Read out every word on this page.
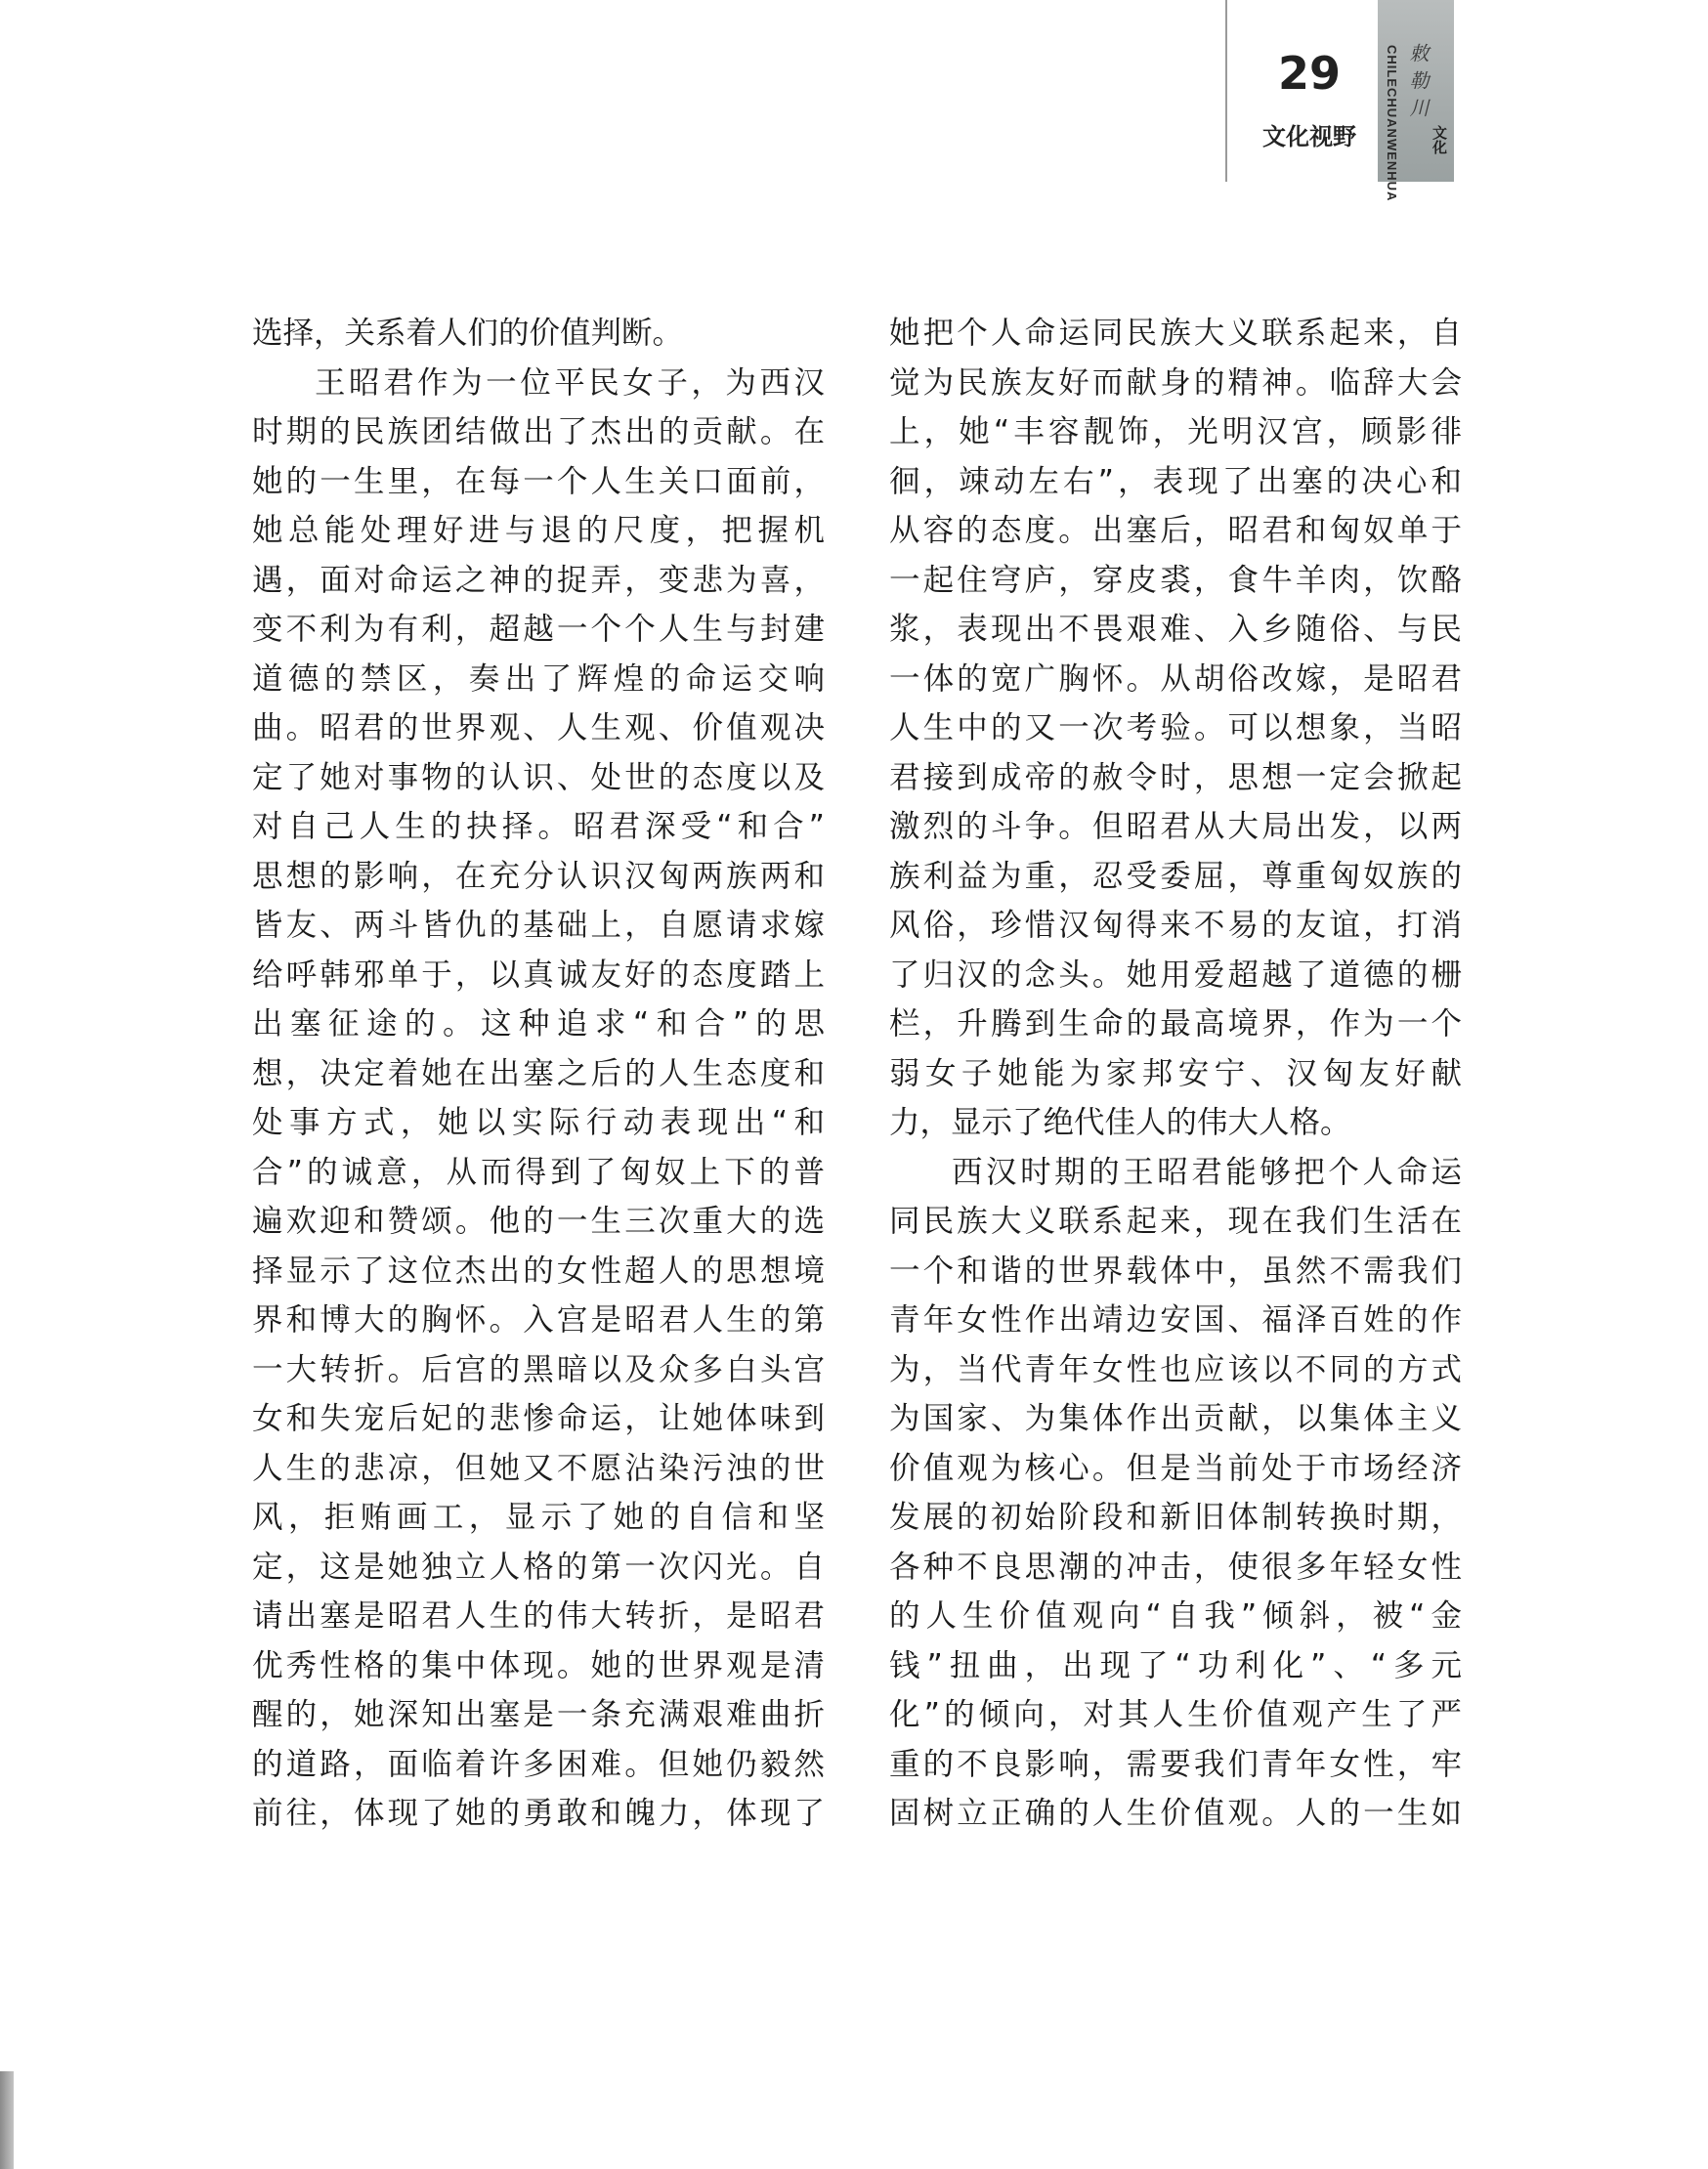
29
文化视野	CHILECHUANWENHUA 敕勒川
文化
选择，关系着人们的价值判断。
王昭君作为一位平民女子，为西汉
时期的民族团结做出了杰出的贡献。在
她的一生里，在每一个人生关口面前，
她总能处理好进与退的尺度，把握机
遇，面对命运之神的捉弄，变悲为喜，
变不利为有利，超越一个个人生与封建
道德的禁区，奏出了辉煌的命运交响
曲。昭君的世界观、人生观、价值观决
定了她对事物的认识、处世的态度以及
对自己人生的抉择。昭君深受“和合”
思想的影响，在充分认识汉匈两族两和
皆友、两斗皆仇的基础上，自愿请求嫁
给呼韩邪单于，以真诚友好的态度踏上
出塞征途的。这种追求“和合”的思
想，决定着她在出塞之后的人生态度和
处事方式，她以实际行动表现出“和
合”的诚意，从而得到了匈奴上下的普
遍欢迎和赞颂。他的一生三次重大的选
择显示了这位杰出的女性超人的思想境
界和博大的胸怀。入宫是昭君人生的第
一大转折。后宫的黑暗以及众多白头宫
女和失宠后妃的悲惨命运，让她体味到
人生的悲凉，但她又不愿沾染污浊的世
风，拒贿画工，显示了她的自信和坚
定，这是她独立人格的第一次闪光。自
请出塞是昭君人生的伟大转折，是昭君
优秀性格的集中体现。她的世界观是清
醒的，她深知出塞是一条充满艰难曲折
的道路，面临着许多困难。但她仍毅然
前往，体现了她的勇敢和魄力，体现了
她把个人命运同民族大义联系起来，自
觉为民族友好而献身的精神。临辞大会
上，她“丰容靓饰，光明汉宫，顾影徘
徊，竦动左右”，表现了出塞的决心和
从容的态度。出塞后，昭君和匈奴单于
一起住穹庐，穿皮裘，食牛羊肉，饮酪
浆，表现出不畏艰难、入乡随俗、与民
一体的宽广胸怀。从胡俗改嫁，是昭君
人生中的又一次考验。可以想象，当昭
君接到成帝的赦令时，思想一定会掀起
激烈的斗争。但昭君从大局出发，以两
族利益为重，忍受委屈，尊重匈奴族的
风俗，珍惜汉匈得来不易的友谊，打消
了归汉的念头。她用爱超越了道德的栅
栏，升腾到生命的最高境界，作为一个
弱女子她能为家邦安宁、汉匈友好献
力，显示了绝代佳人的伟大人格。
西汉时期的王昭君能够把个人命运
同民族大义联系起来，现在我们生活在
一个和谐的世界载体中，虽然不需我们
青年女性作出靖边安国、福泽百姓的作
为，当代青年女性也应该以不同的方式
为国家、为集体作出贡献，以集体主义
价值观为核心。但是当前处于市场经济
发展的初始阶段和新旧体制转换时期，
各种不良思潮的冲击，使很多年轻女性
的人生价值观向“自我”倾斜，被“金
钱”扭曲，出现了“功利化”、“多元
化”的倾向，对其人生价值观产生了严
重的不良影响，需要我们青年女性，牢
固树立正确的人生价值观。人的一生如
